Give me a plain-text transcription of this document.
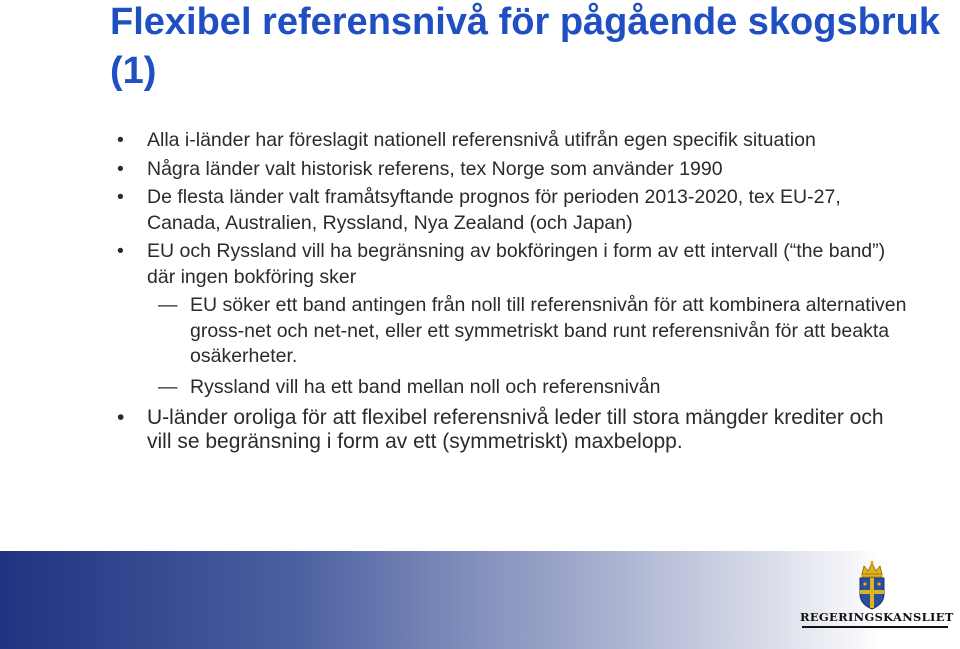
Flexibel referensnivå för pågående skogsbruk (1)
• Alla i-länder har föreslagit nationell referensnivå utifrån egen specifik situation
• Några länder valt historisk referens, tex Norge som använder 1990
• De flesta länder valt framåtsyftande prognos för perioden 2013-2020, tex EU-27, Canada, Australien, Ryssland, Nya Zealand (och Japan)
• EU och Ryssland vill ha begränsning av bokföringen i form av ett intervall (“the band”) där ingen bokföring sker
— EU söker ett band antingen från noll till referensnivån för att kombinera alternativen gross-net och net-net, eller ett symmetriskt band runt referensnivån för att beakta osäkerheter.
— Ryssland vill ha ett band mellan noll och referensnivån
• U-länder oroliga för att flexibel referensnivå leder till stora mängder krediter och vill se begränsning i form av ett (symmetriskt) maxbelopp.
REGERINGSKANSLIET
